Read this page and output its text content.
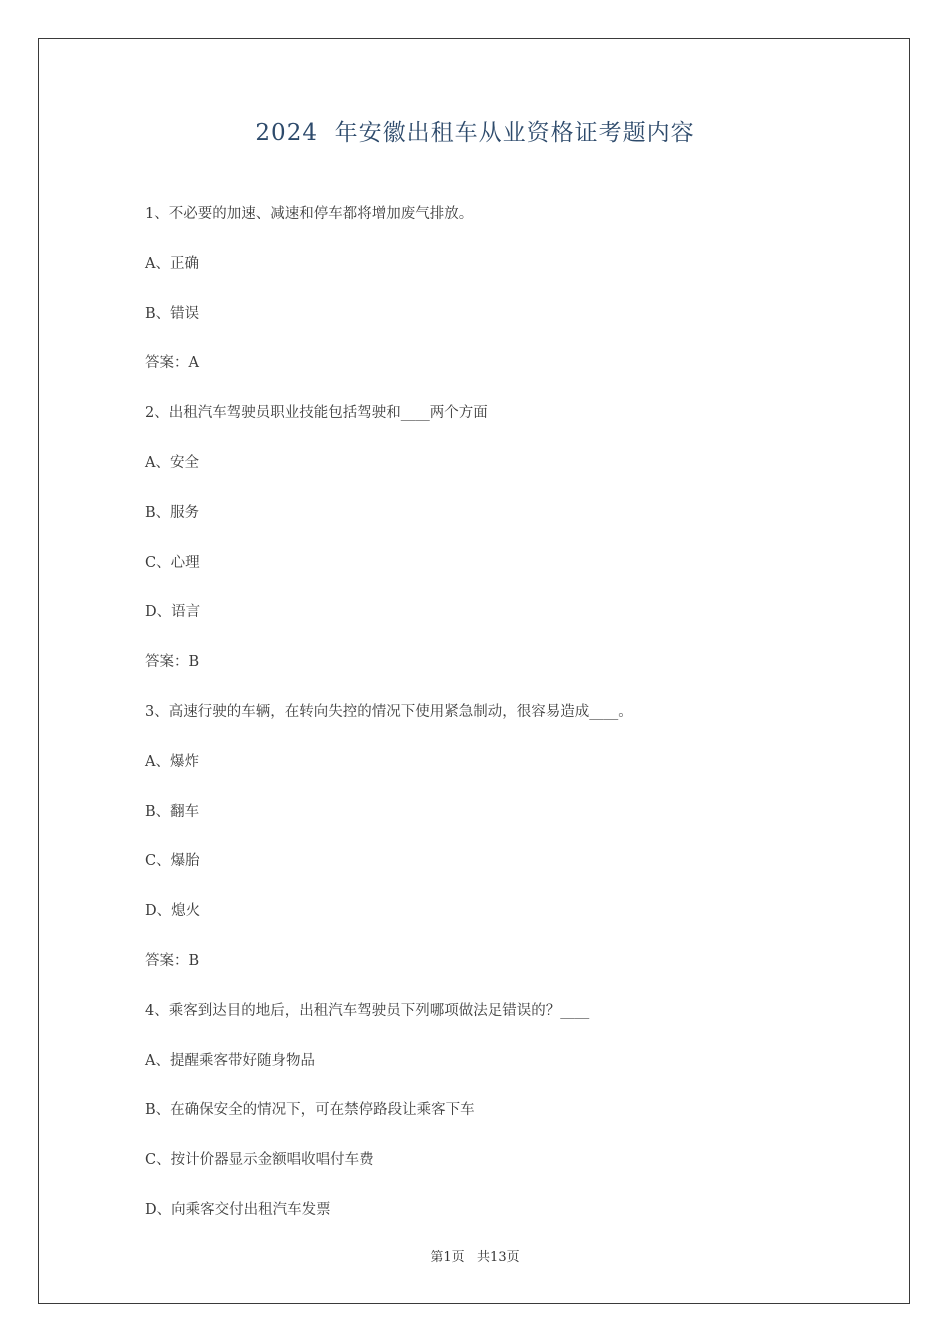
2024  年安徽出租车从业资格证考题内容
1、不必要的加速、减速和停车都将增加废气排放。
A、正确
B、错误
答案：A
2、出租汽车驾驶员职业技能包括驾驶和____两个方面
A、安全
B、服务
C、心理
D、语言
答案：B
3、高速行驶的车辆，在转向失控的情况下使用紧急制动，很容易造成____。
A、爆炸
B、翻车
C、爆胎
D、熄火
答案：B
4、乘客到达目的地后，出租汽车驾驶员下列哪项做法足错误的？____
A、提醒乘客带好随身物品
B、在确保安全的情况下，可在禁停路段让乘客下车
C、按计价器显示金额唱收唱付车费
D、向乘客交付出租汽车发票
第1页   共13页
